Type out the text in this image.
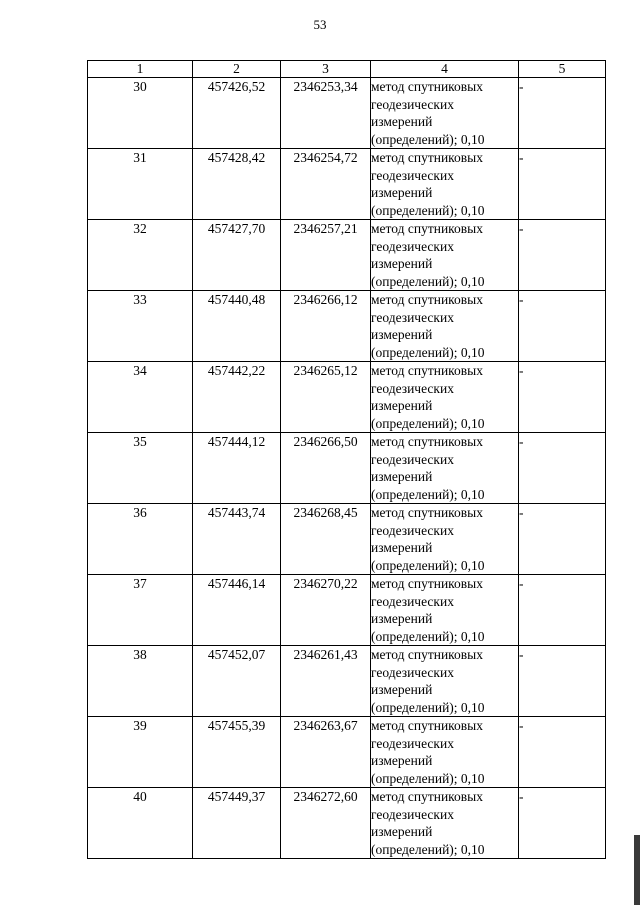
53
1	2	3	4	5
30	457426,52	2346253,34	метод спутниковых
геодезических
измерений
(определений); 0,10	-
31	457428,42	2346254,72	метод спутниковых
геодезических
измерений
(определений); 0,10	-
32	457427,70	2346257,21	метод спутниковых
геодезических
измерений
(определений); 0,10	-
33	457440,48	2346266,12	метод спутниковых
геодезических
измерений
(определений); 0,10	-
34	457442,22	2346265,12	метод спутниковых
геодезических
измерений
(определений); 0,10	-
35	457444,12	2346266,50	метод спутниковых
геодезических
измерений
(определений); 0,10	-
36	457443,74	2346268,45	метод спутниковых
геодезических
измерений
(определений); 0,10	-
37	457446,14	2346270,22	метод спутниковых
геодезических
измерений
(определений); 0,10	-
38	457452,07	2346261,43	метод спутниковых
геодезических
измерений
(определений); 0,10	-
39	457455,39	2346263,67	метод спутниковых
геодезических
измерений
(определений); 0,10	-
40	457449,37	2346272,60	метод спутниковых
геодезических
измерений
(определений); 0,10	-
